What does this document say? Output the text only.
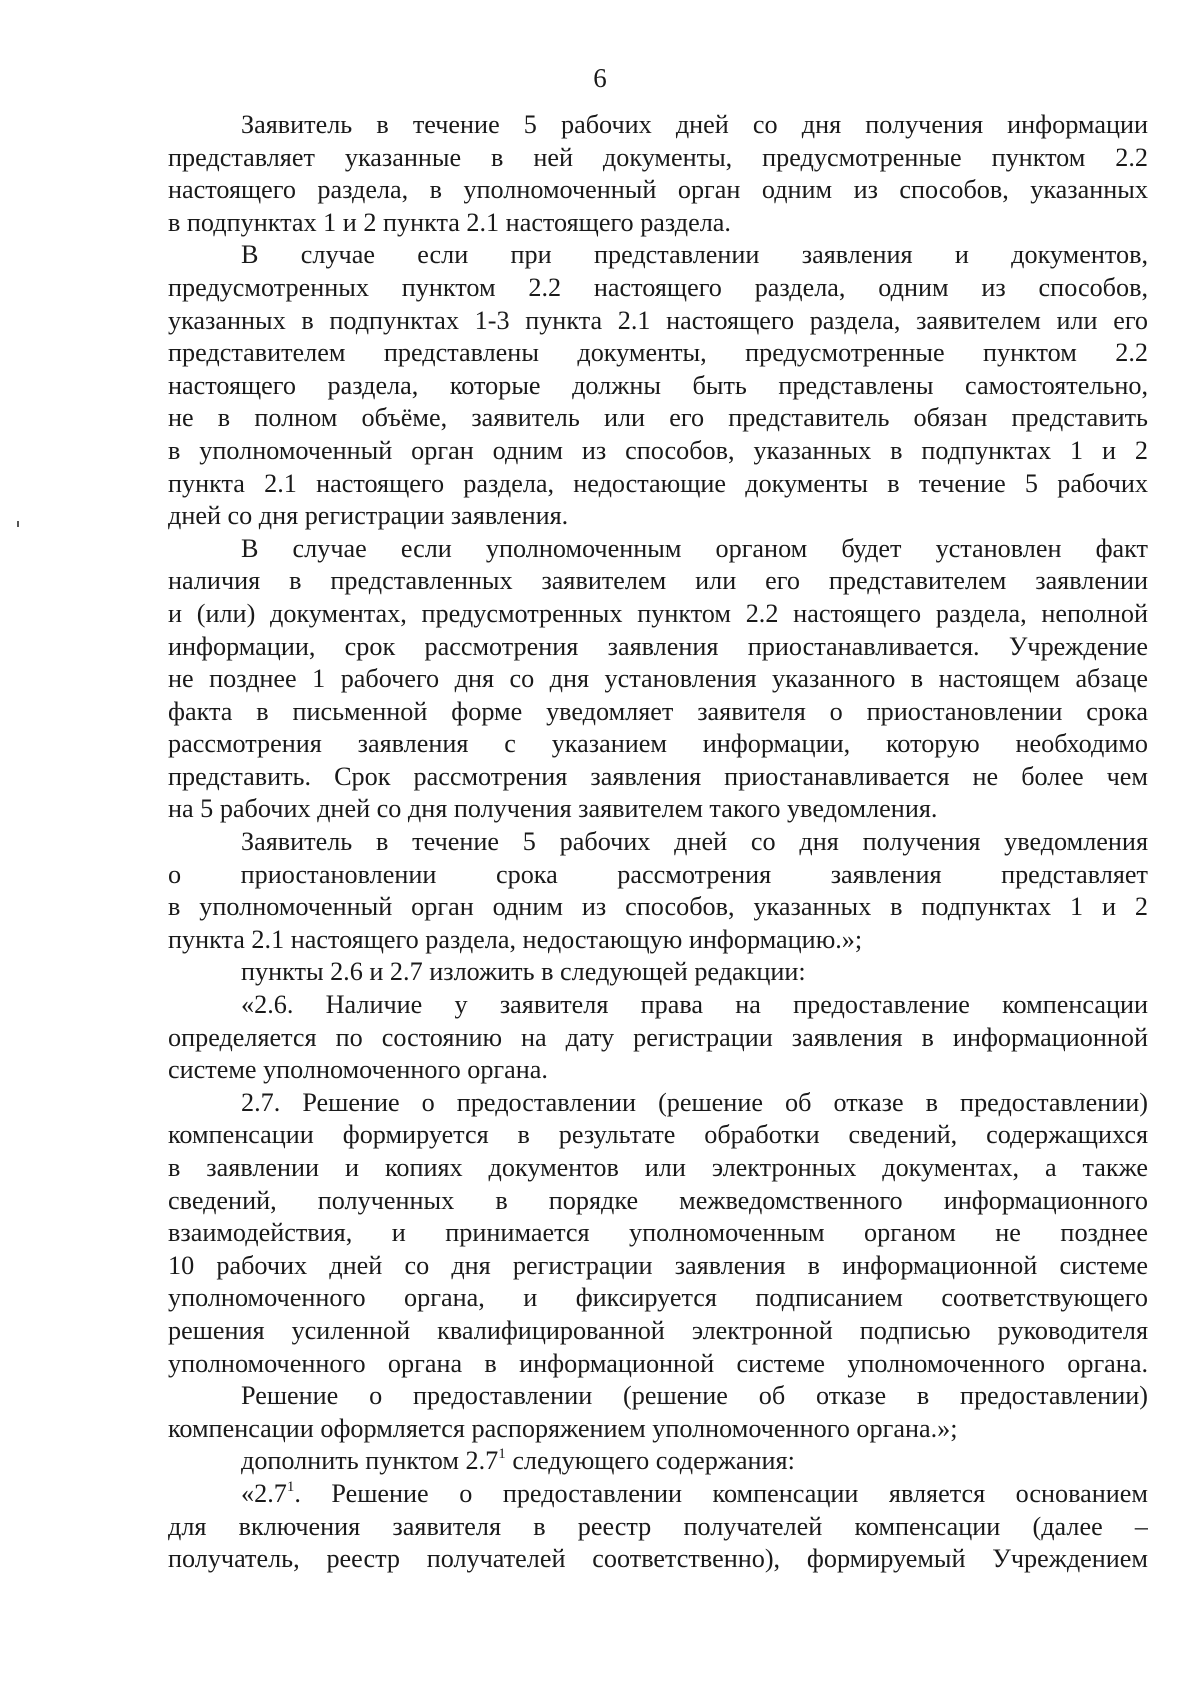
6
Заявитель в течение 5 рабочих дней со дня получения информации
представляет указанные в ней документы, предусмотренные пунктом 2.2
настоящего раздела, в уполномоченный орган одним из способов, указанных
в подпунктах 1 и 2 пункта 2.1 настоящего раздела.
В случае если при представлении заявления и документов,
предусмотренных пунктом 2.2 настоящего раздела, одним из способов,
указанных в подпунктах 1-3 пункта 2.1 настоящего раздела, заявителем или его
представителем представлены документы, предусмотренные пунктом 2.2
настоящего раздела, которые должны быть представлены самостоятельно,
не в полном объёме, заявитель или его представитель обязан представить
в уполномоченный орган одним из способов, указанных в подпунктах 1 и 2
пункта 2.1 настоящего раздела, недостающие документы в течение 5 рабочих
дней со дня регистрации заявления.
В случае если уполномоченным органом будет установлен факт
наличия в представленных заявителем или его представителем заявлении
и (или) документах, предусмотренных пунктом 2.2 настоящего раздела, неполной
информации, срок рассмотрения заявления приостанавливается. Учреждение
не позднее 1 рабочего дня со дня установления указанного в настоящем абзаце
факта в письменной форме уведомляет заявителя о приостановлении срока
рассмотрения заявления с указанием информации, которую необходимо
представить. Срок рассмотрения заявления приостанавливается не более чем
на 5 рабочих дней со дня получения заявителем такого уведомления.
Заявитель в течение 5 рабочих дней со дня получения уведомления
о приостановлении срока рассмотрения заявления представляет
в уполномоченный орган одним из способов, указанных в подпунктах 1 и 2
пункта 2.1 настоящего раздела, недостающую информацию.»;
пункты 2.6 и 2.7 изложить в следующей редакции:
«2.6. Наличие у заявителя права на предоставление компенсации
определяется по состоянию на дату регистрации заявления в информационной
системе уполномоченного органа.
2.7. Решение о предоставлении (решение об отказе в предоставлении)
компенсации формируется в результате обработки сведений, содержащихся
в заявлении и копиях документов или электронных документах, а также
сведений, полученных в порядке межведомственного информационного
взаимодействия, и принимается уполномоченным органом не позднее
10 рабочих дней со дня регистрации заявления в информационной системе
уполномоченного органа, и фиксируется подписанием соответствующего
решения усиленной квалифицированной электронной подписью руководителя
уполномоченного органа в информационной системе уполномоченного органа.
Решение о предоставлении (решение об отказе в предоставлении)
компенсации оформляется распоряжением уполномоченного органа.»;
дополнить пунктом $2.7^1$ следующего содержания:
«$2.7^1$. Решение о предоставлении компенсации является основанием
для включения заявителя в реестр получателей компенсации (далее –
получатель, реестр получателей соответственно), формируемый Учреждением
